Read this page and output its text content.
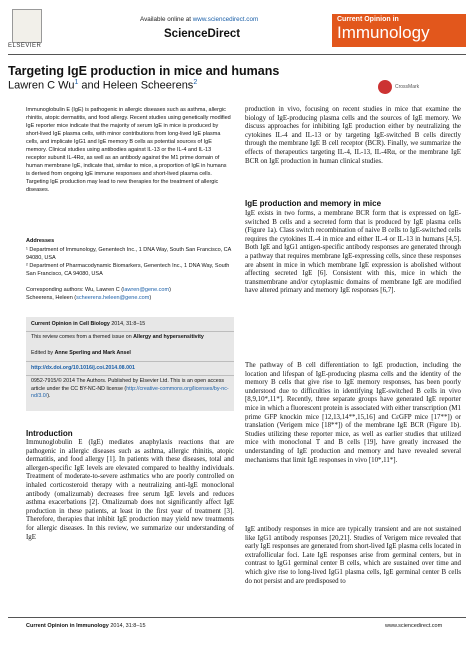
ELSEVIER
Available online at www.sciencedirect.com
ScienceDirect
Current Opinion in
Immunology
Targeting IgE production in mice and humans
Lawren C Wu$^1$ and Heleen Scheerens$^2$
CrossMark
Immunoglobulin E (IgE) is pathogenic in allergic diseases such as asthma, allergic rhinitis, atopic dermatitis, and food allergy. Recent studies using genetically modified IgE reporter mice indicate that the majority of serum IgE in mice is produced by short-lived IgE plasma cells, with minor contributions from long-lived IgE plasma cells, and implicate IgG1 and IgE memory B cells as potential sources of IgE memory. Clinical studies using antibodies against IL-13 or the IL-4 and IL-13 receptor subunit IL-4Rα, as well as an antibody against the M1 prime domain of human membrane IgE, indicate that, similar to mice, a proportion of IgE in humans is derived from ongoing IgE immune responses and short-lived plasma cells. Targeting IgE production may lead to new therapies for the treatment of allergic diseases.
Addresses
¹ Department of Immunology, Genentech Inc., 1 DNA Way, South San Francisco, CA 94080, USA
² Department of Pharmacodynamic Biomarkers, Genentech Inc., 1 DNA Way, South San Francisco, CA 94080, USA
Corresponding authors: Wu, Lawren C (lawren@gene.com)
Scheerens, Heleen (scheerens.heleen@gene.com)
Current Opinion in Cell Biology 2014, 31:8–15
This review comes from a themed issue on Allergy and hypersensitivity
Edited by Anne Sperling and Mark Ansel
http://dx.doi.org/10.1016/j.coi.2014.08.001
0952-7915/© 2014 The Authors. Published by Elsevier Ltd. This is an open access article under the CC BY-NC-ND license (http://creative-commons.org/licenses/by-nc-nd/3.0/).
Introduction
Immunoglobulin E (IgE) mediates anaphylaxis reactions that are pathogenic in allergic diseases such as asthma, allergic rhinitis, atopic dermatitis, and food allergy [1]. In patients with these diseases, total and allergen-specific IgE levels are elevated compared to healthy individuals. Treatment of moderate-to-severe asthmatics who are poorly controlled on inhaled corticosteroid therapy with a neutralizing anti-IgE monoclonal antibody (omalizumab) decreases free serum IgE levels and reduces asthma exacerbations [2]. Omalizumab does not significantly affect IgE production in these patients, at least in the first year of treatment [3]. Therefore, therapies that inhibit IgE production may yield new treatments for allergic diseases. In this review, we summarize our understanding of IgE
production in vivo, focusing on recent studies in mice that examine the biology of IgE-producing plasma cells and the sources of IgE memory. We discuss approaches for inhibiting IgE production either by neutralizing the cytokines IL-4 and IL-13 or by targeting IgE-switched B cells directly through the membrane IgE B cell receptor (BCR). Finally, we summarize the effects of therapeutics targeting IL-4, IL-13, IL-4Rα, or the membrane IgE BCR on IgE production in human clinical studies.
IgE production and memory in mice
IgE exists in two forms, a membrane BCR form that is expressed on IgE-switched B cells and a secreted form that is produced by IgE plasma cells (Figure 1a). Class switch recombination of naive B cells to IgE-switched cells requires the cytokines IL-4 in mice and either IL-4 or IL-13 in humans [4,5]. Both IgE and IgG1 antigen-specific antibody responses are generated through a pathway that requires membrane IgE-expressing cells, since these responses are absent in mice in which membrane IgE expression is abolished without affecting secreted IgE [6]. Consistent with this, mice in which the transmembrane and/or cytoplasmic domains of membrane IgE are modified have altered primary and memory IgE responses [6,7].
The pathway of B cell differentiation to IgE production, including the location and lifespan of IgE-producing plasma cells and the identity of the memory B cells that give rise to IgE memory responses, has been poorly understood due to difficulties in identifying IgE-switched B cells in vivo [8,9,10*,11*]. Recently, three separate groups have generated IgE reporter mice in which a fluorescent protein is associated with either transcription (M1 prime GFP knockin mice [12,13,14**,15,16] and CεGFP mice [17**]) or translation (Verigem mice [18**]) of the membrane IgE BCR (Figure 1b). Studies utilizing these reporter mice, as well as earlier studies that utilized mice with monoclonal T and B cells [19], have greatly increased the understanding of IgE production and memory and have revealed several mechanisms that limit IgE responses in vivo [10*,11*].
IgE antibody responses in mice are typically transient and are not sustained like IgG1 antibody responses [20,21]. Studies of Verigem mice revealed that early IgE responses are generated from short-lived IgE plasma cells located in extrafollicular foci. Late IgE responses arise from germinal centers, but in contrast to IgG1 germinal center B cells, which are sustained over time and which give rise to long-lived IgG1 plasma cells, IgE germinal center B cells do not persist and are predisposed to
Current Opinion in Immunology 2014, 31:8–15	www.sciencedirect.com
